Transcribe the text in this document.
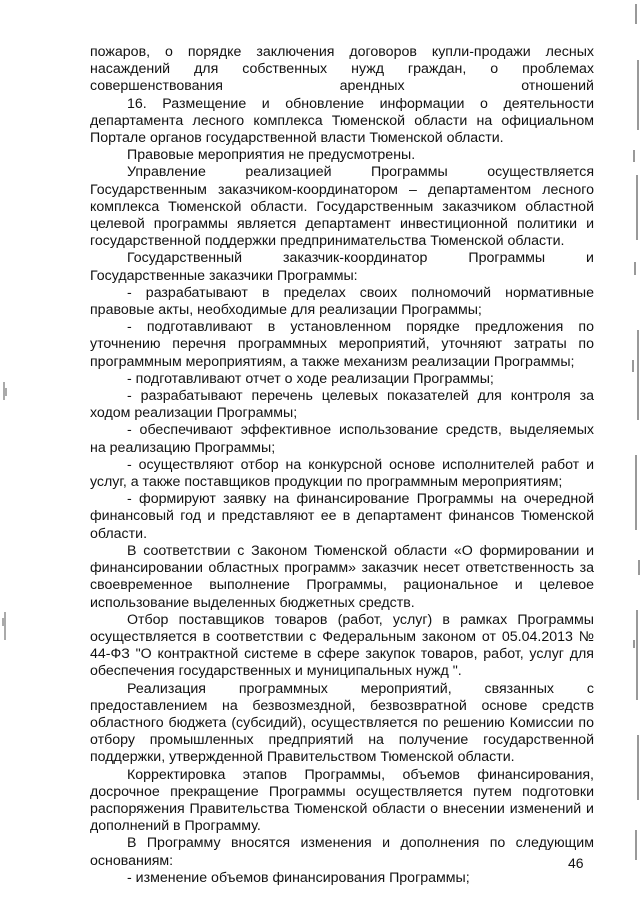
пожаров, о порядке заключения договоров купли-продажи лесных насаждений для собственных нужд граждан, о проблемах совершенствования арендных отношений

16. Размещение и обновление информации о деятельности департамента лесного комплекса Тюменской области на официальном Портале органов государственной власти Тюменской области.

Правовые мероприятия не предусмотрены.

Управление реализацией Программы осуществляется Государственным заказчиком-координатором – департаментом лесного комплекса Тюменской области. Государственным заказчиком областной целевой программы является департамент инвестиционной политики и государственной поддержки предпринимательства Тюменской области.

Государственный заказчик-координатор Программы и Государственные заказчики Программы:

- разрабатывают в пределах своих полномочий нормативные правовые акты, необходимые для реализации Программы;

- подготавливают в установленном порядке предложения по уточнению перечня программных мероприятий, уточняют затраты по программным мероприятиям, а также механизм реализации Программы;

- подготавливают отчет о ходе реализации Программы;

- разрабатывают перечень целевых показателей для контроля за ходом реализации Программы;

- обеспечивают эффективное использование средств, выделяемых на реализацию Программы;

- осуществляют отбор на конкурсной основе исполнителей работ и услуг, а также поставщиков продукции по программным мероприятиям;

- формируют заявку на финансирование Программы на очередной финансовый год и представляют ее в департамент финансов Тюменской области.

В соответствии с Законом Тюменской области «О формировании и финансировании областных программ» заказчик несет ответственность за своевременное выполнение Программы, рациональное и целевое использование выделенных бюджетных средств.

Отбор поставщиков товаров (работ, услуг) в рамках Программы осуществляется в соответствии с Федеральным законом от 05.04.2013 № 44-ФЗ "О контрактной системе в сфере закупок товаров, работ, услуг для обеспечения государственных и муниципальных нужд ".

Реализация программных мероприятий, связанных с предоставлением на безвозмездной, безвозвратной основе средств областного бюджета (субсидий), осуществляется по решению Комиссии по отбору промышленных предприятий на получение государственной поддержки, утвержденной Правительством Тюменской области.

Корректировка этапов Программы, объемов финансирования, досрочное прекращение Программы осуществляется путем подготовки распоряжения Правительства Тюменской области о внесении изменений и дополнений в Программу.

В Программу вносятся изменения и дополнения по следующим основаниям:

- изменение объемов финансирования Программы;

46
